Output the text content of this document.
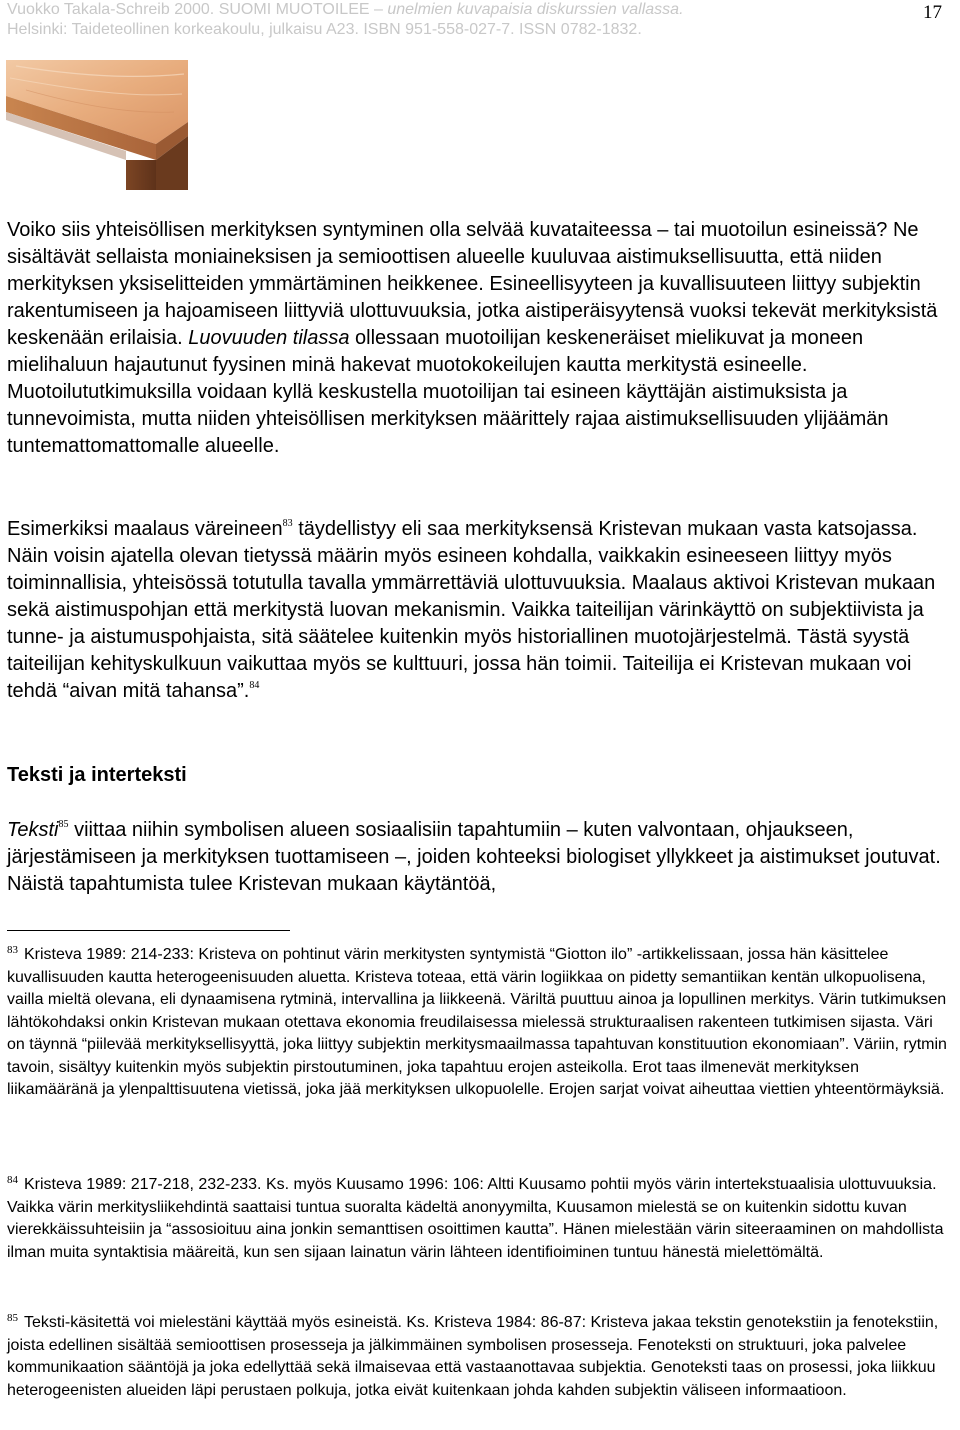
Vuokko Takala-Schreib 2000. SUOMI MUOTOILEE – unelmien kuvapaisia diskurssien vallassa.
Helsinki: Taideteollinen korkeakoulu, julkaisu A23. ISBN 951-558-027-7. ISSN 0782-1832.
17
Voiko siis yhteisöllisen merkityksen syntyminen olla selvää kuvataiteessa – tai muotoilun esineissä? Ne sisältävät sellaista moniaineksisen ja semioottisen alueelle kuuluvaa aistimuksellisuutta, että niiden merkityksen yksiselitteiden ymmärtäminen heikkenee. Esineellisyyteen ja kuvallisuuteen liittyy subjektin rakentumiseen ja hajoamiseen liittyviä ulottuvuuksia, jotka aistiperäisyytensä vuoksi tekevät merkityksistä keskenään erilaisia. Luovuuden tilassa ollessaan muotoilijan keskeneräiset mielikuvat ja moneen mielihaluun hajautunut fyysinen minä hakevat muotokokeilujen kautta merkitystä esineelle. Muotoilututkimuksilla voidaan kyllä keskustella muotoilijan tai esineen käyttäjän aistimuksista ja tunnevoimista, mutta niiden yhteisöllisen merkityksen määrittely rajaa aistimuksellisuuden ylijäämän tuntemattomattomalle alueelle.
Esimerkiksi maalaus väreineen$^{83}$ täydellistyy eli saa merkityksensä Kristevan mukaan vasta katsojassa. Näin voisin ajatella olevan tietyssä määrin myös esineen kohdalla, vaikkakin esineeseen liittyy myös toiminnallisia, yhteisössä totutulla tavalla ymmärrettäviä ulottuvuuksia. Maalaus aktivoi Kristevan mukaan sekä aistimuspohjan että merkitystä luovan mekanismin. Vaikka taiteilijan värinkäyttö on subjektiivista ja tunne- ja aistumuspohjaista, sitä säätelee kuitenkin myös historiallinen muotojärjestelmä. Tästä syystä taiteilijan kehityskulkuun vaikuttaa myös se kulttuuri, jossa hän toimii. Taiteilija ei Kristevan mukaan voi tehdä “aivan mitä tahansa”.$^{84}$
Teksti ja interteksti
Teksti$^{85}$ viittaa niihin symbolisen alueen sosiaalisiin tapahtumiin – kuten valvontaan, ohjaukseen, järjestämiseen ja merkityksen tuottamiseen –, joiden kohteeksi biologiset yllykkeet ja aistimukset joutuvat. Näistä tapahtumista tulee Kristevan mukaan käytäntöä,
$^{83}$ Kristeva 1989: 214-233: Kristeva on pohtinut värin merkitysten syntymistä “Giotton ilo” -artikkelissaan, jossa hän käsittelee kuvallisuuden kautta heterogeenisuuden aluetta. Kristeva toteaa, että värin logiikkaa on pidetty semantiikan kentän ulkopuolisena, vailla mieltä olevana, eli dynaamisena rytminä, intervallina ja liikkeenä. Väriltä puuttuu ainoa ja lopullinen merkitys. Värin tutkimuksen lähtökohdaksi onkin Kristevan mukaan otettava ekonomia freudilaisessa mielessä strukturaalisen rakenteen tutkimisen sijasta. Väri on täynnä “piilevää merkityksellisyyttä, joka liittyy subjektin merkitysmaailmassa tapahtuvan konstituution ekonomiaan”. Väriin, rytmin tavoin, sisältyy kuitenkin myös subjektin pirstoutuminen, joka tapahtuu erojen asteikolla. Erot taas ilmenevät merkityksen liikamääränä ja ylenpalttisuutena vietissä, joka jää merkityksen ulkopuolelle. Erojen sarjat voivat aiheuttaa viettien yhteentörmäyksiä.
$^{84}$ Kristeva 1989: 217-218, 232-233. Ks. myös Kuusamo 1996: 106: Altti Kuusamo pohtii myös värin intertekstuaalisia ulottuvuuksia. Vaikka värin merkitysliikehdintä saattaisi tuntua suoralta kädeltä anonyymilta, Kuusamon mielestä se on kuitenkin sidottu kuvan vierekkäissuhteisiin ja “assosioituu aina jonkin semanttisen osoittimen kautta”. Hänen mielestään värin siteeraaminen on mahdollista ilman muita syntaktisia määreitä, kun sen sijaan lainatun värin lähteen identifioiminen tuntuu hänestä mielettömältä.
$^{85}$ Teksti-käsitettä voi mielestäni käyttää myös esineistä. Ks. Kristeva 1984: 86-87: Kristeva jakaa tekstin genotekstiin ja fenotekstiin, joista edellinen sisältää semioottisen prosesseja ja jälkimmäinen symbolisen prosesseja. Fenoteksti on struktuuri, joka palvelee kommunikaation sääntöjä ja joka edellyttää sekä ilmaisevaa että vastaanottavaa subjektia. Genoteksti taas on prosessi, joka liikkuu heterogeenisten alueiden läpi perustaen polkuja, jotka eivät kuitenkaan johda kahden subjektin väliseen informaatioon.
